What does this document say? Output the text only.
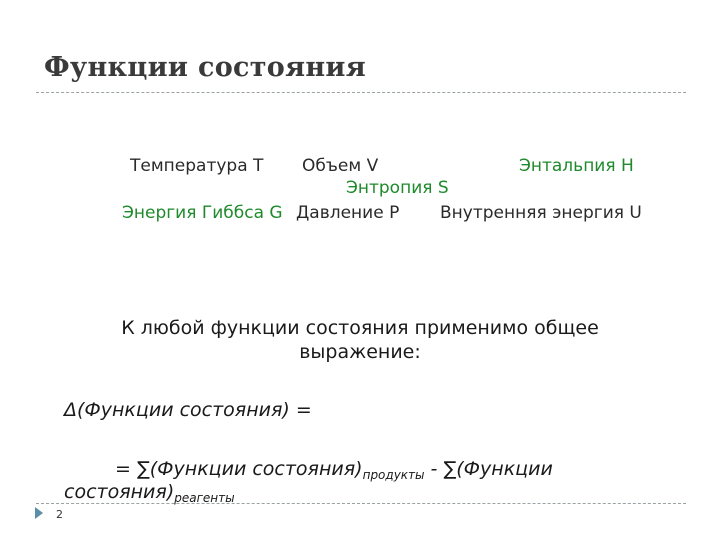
Функции состояния
Температура T Объем V	Энтальпия H
Энтропия S
Энергия Гиббса G Давление P Внутренняя энергия U
К любой функции состояния применимо общее
выражение:
Δ(Функции состояния) =
= ∑(Функции $состояния)_{продукты}$ - ∑(Функции
$состояния)_{реагенты}$
2
